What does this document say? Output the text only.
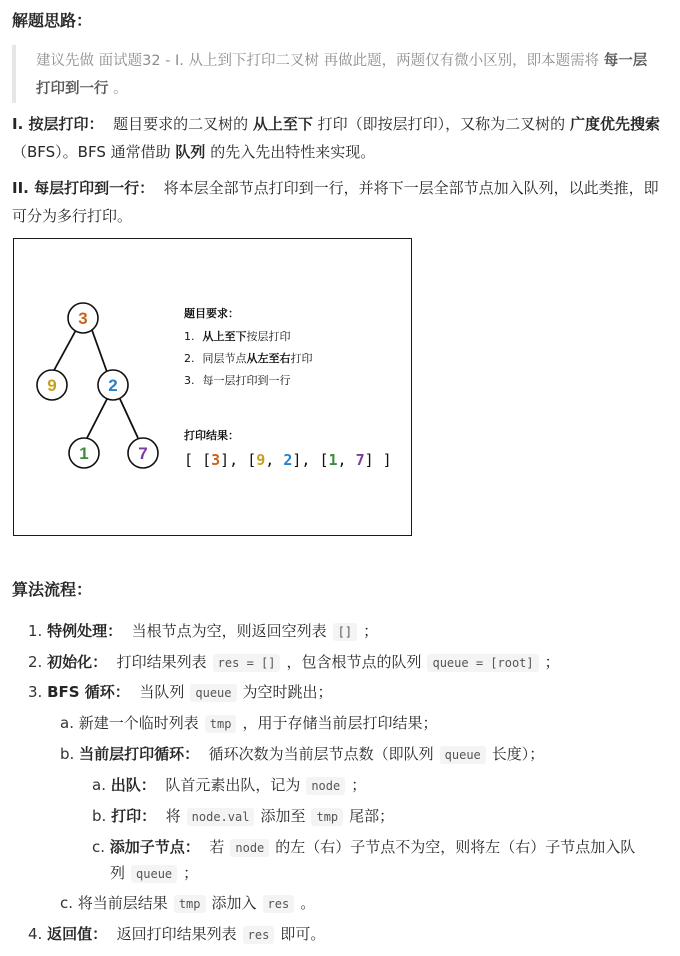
解题思路：
建议先做 面试题32 - I. 从上到下打印二叉树 再做此题，两题仅有微小区别，即本题需将 每一层打印到一行 。
I. 按层打印： 题目要求的二叉树的 从上至下 打印（即按层打印），又称为二叉树的 广度优先搜索（BFS）。BFS 通常借助 队列 的先入先出特性来实现。
II. 每层打印到一行： 将本层全部节点打印到一行，并将下一层全部节点加入队列，以此类推，即可分为多行打印。
3
9	2
1	7
题目要求：
1. 从上至下按层打印
2. 同层节点从左至右打印
3. 每一层打印到一行
打印结果：
[ [3], [9, 2], [1, 7] ]
算法流程：
1. 特例处理： 当根节点为空，则返回空列表 [] ；
2. 初始化： 打印结果列表 res = [] ，包含根节点的队列 queue = [root] ；
3. BFS 循环： 当队列 queue 为空时跳出；
a. 新建一个临时列表 tmp ，用于存储当前层打印结果；
b. 当前层打印循环： 循环次数为当前层节点数（即队列 queue 长度）；
a. 出队： 队首元素出队，记为 node ；
b. 打印： 将 node.val 添加至 tmp 尾部；
c. 添加子节点： 若 node 的左（右）子节点不为空，则将左（右）子节点加入队
列 queue ；
c. 将当前层结果 tmp 添加入 res 。
4. 返回值： 返回打印结果列表 res 即可。
